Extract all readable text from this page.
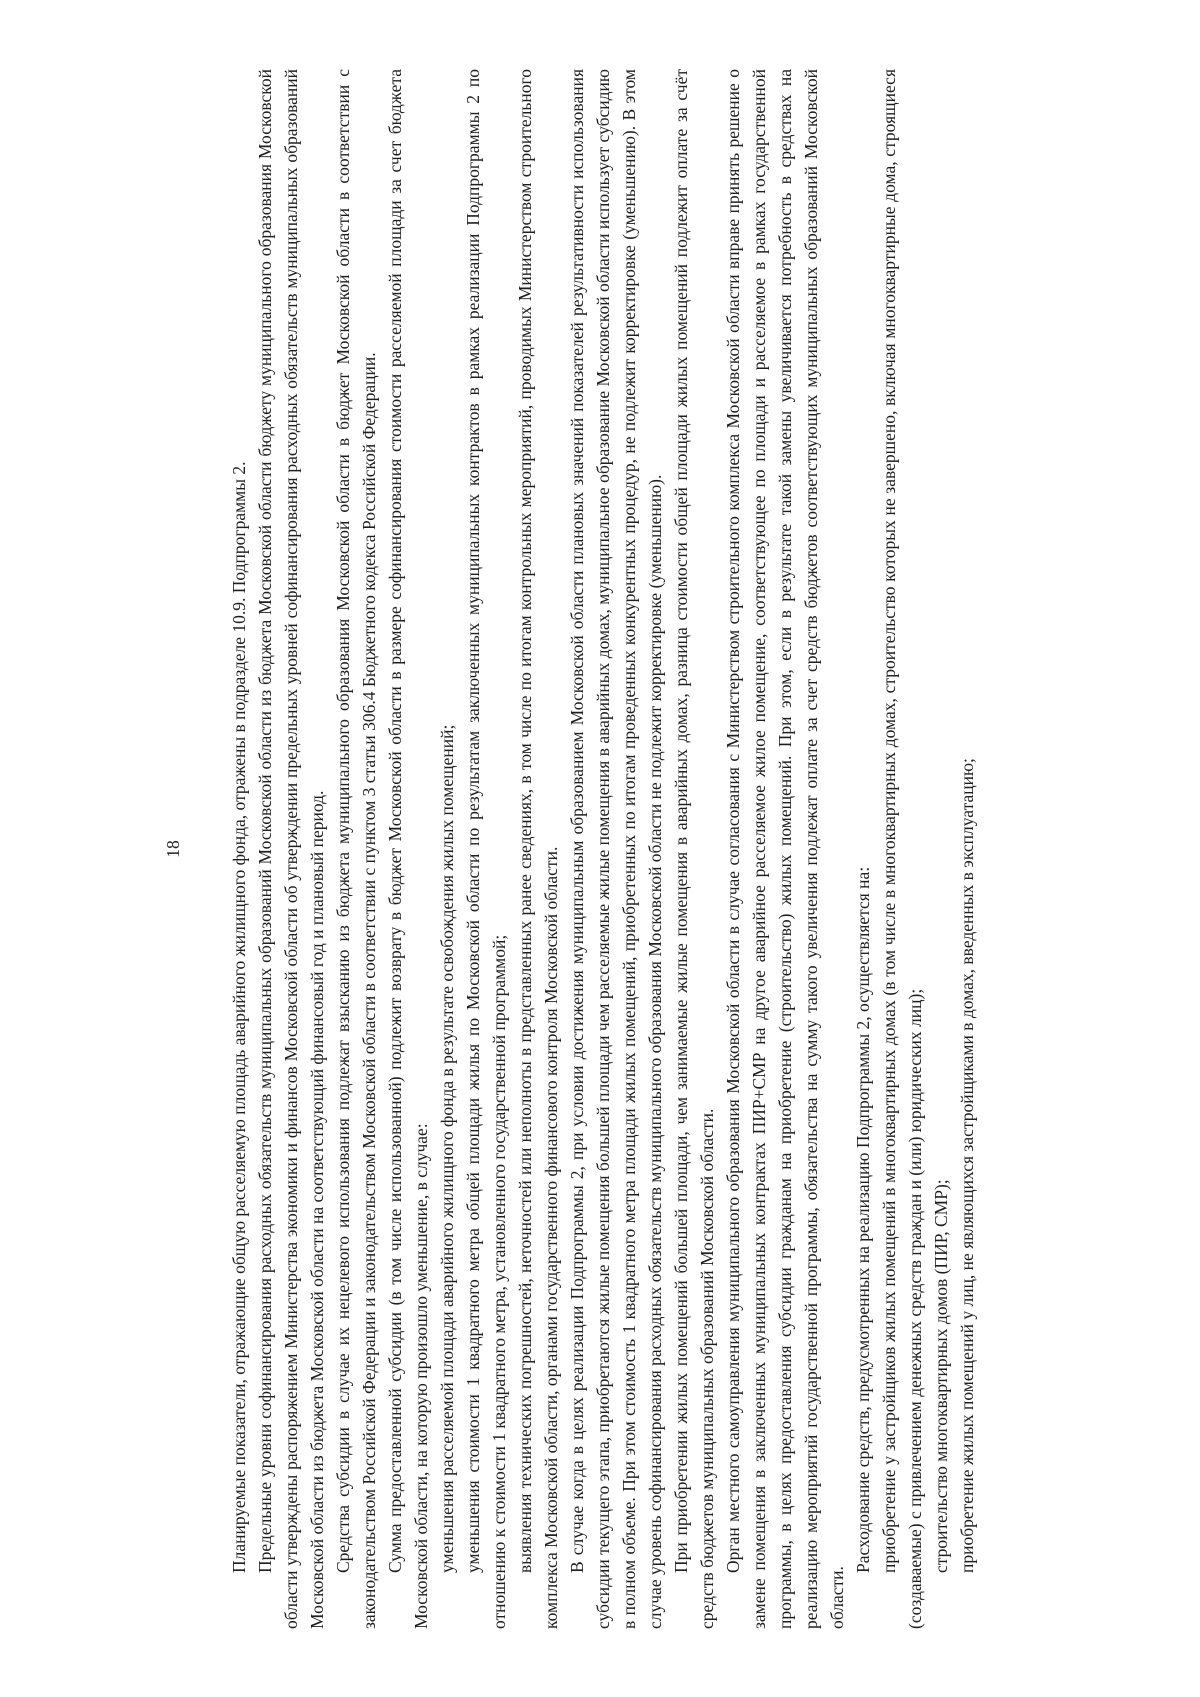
18	Планируемые показатели, отражающие общую расселяемую площадь аварийного жилищного фонда, отражены в подразделе 10.9. Подпрограммы 2. Предельные уровни софинансирования расходных обязательств муниципальных образований Московской области из бюджета Московской области бюджету муниципального образования Московской области утверждены распоряжением Министерства экономики и финансов Московской области об утверждении предельных уровней софинансирования расходных обязательств муниципальных образований Московской области из бюджета Московской области на соответствующий финансовый год и плановый период. Средства субсидии в случае их нецелевого использования подлежат взысканию из бюджета муниципального образования Московской области в бюджет Московской области в соответствии с законодательством Российской Федерации и законодательством Московской области в соответствии с пунктом 3 статьи 306.4 Бюджетного кодекса Российской Федерации. Сумма предоставленной субсидии (в том числе использованной) подлежит возврату в бюджет Московской области в размере софинансирования стоимости расселяемой площади за счет бюджета Московской области, на которую произошло уменьшение, в случае: уменьшения расселяемой площади аварийного жилищного фонда в результате освобождения жилых помещений; уменьшения стоимости 1 квадратного метра общей площади жилья по Московской области по результатам заключенных муниципальных контрактов в рамках реализации Подпрограммы 2 по отношению к стоимости 1 квадратного метра, установленного государственной программой; выявления технических погрешностей, неточностей или неполноты в представленных ранее сведениях, в том числе по итогам контрольных мероприятий, проводимых Министерством строительного комплекса Московской области, органами государственного финансового контроля Московской области. В случае когда в целях реализации Подпрограммы 2, при условии достижения муниципальным образованием Московской области плановых значений показателей результативности использования субсидии текущего этапа, приобретаются жилые помещения большей площади чем расселяемые жилые помещения в аварийных домах, муниципальное образование Московской области использует субсидию в полном объеме. При этом стоимость 1 квадратного метра площади жилых помещений, приобретенных по итогам проведенных конкурентных процедур, не подлежит корректировке (уменьшению). В этом случае уровень софинансирования расходных обязательств муниципального образования Московской области не подлежит корректировке (уменьшению). При приобретении жилых помещений большей площади, чем занимаемые жилые помещения в аварийных домах, разница стоимости общей площади жилых помещений подлежит оплате за счёт средств бюджетов муниципальных образований Московской области. Орган местного самоуправления муниципального образования Московской области в случае согласования с Министерством строительного комплекса Московской области вправе принять решение о замене помещения в заключенных муниципальных контрактах ПИР+СМР на другое аварийное расселяемое жилое помещение, соответствующее по площади и расселяемое в рамках государственной программы, в целях предоставления субсидии гражданам на приобретение (строительство) жилых помещений. При этом, если в результате такой замены увеличивается потребность в средствах на реализацию мероприятий государственной программы, обязательства на сумму такого увеличения подлежат оплате за счет средств бюджетов соответствующих муниципальных образований Московской области.

Расходование средств, предусмотренных на реализацию Подпрограммы 2, осуществляется на: приобретение у застройщиков жилых помещений в многоквартирных домах (в том числе в многоквартирных домах, строительство которых не завершено, включая многоквартирные дома, строящиеся (создаваемые) с привлечением денежных средств граждан и (или) юридических лиц); строительство многоквартирных домов (ПИР, СМР); приобретение жилых помещений у лиц, не являющихся застройщиками в домах, введенных в эксплуатацию;
